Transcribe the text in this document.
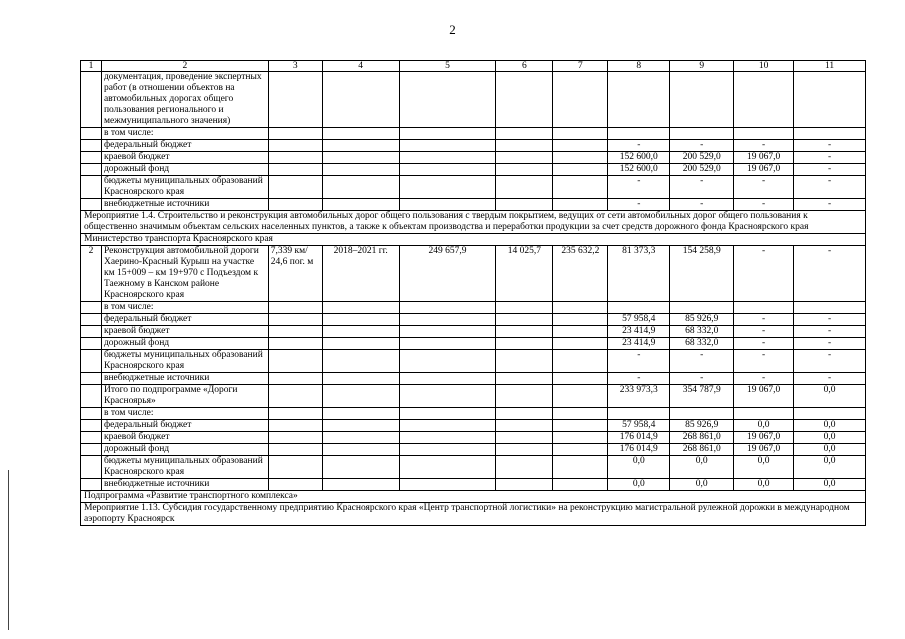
2
1	2	3	4	5	6	7	8	9	10	11
	документация, проведение экспертных работ (в отношении объектов на автомобильных дорогах общего пользования регионального и межмуниципального значения)									
	в том числе:									
	федеральный бюджет						-	-	-	-
	краевой бюджет						152 600,0	200 529,0	19 067,0	-
	дорожный фонд						152 600,0	200 529,0	19 067,0	-
	бюджеты муниципальных образований Красноярского края						-	-	-	-
	внебюджетные источники						-	-	-	-
Мероприятие 1.4. Строительство и реконструкция автомобильных дорог общего пользования с твердым покрытием, ведущих от сети автомобильных дорог общего пользования к общественно значимым объектам сельских населенных пунктов, а также к объектам производства и переработки продукции за счет средств дорожного фонда Красноярского края										
Министерство транспорта Красноярского края										
2	Реконструкция автомобильной дороги Хаерино-Красный Курыш на участке км 15+009 – км 19+970 с Подъездом к Таежному в Канском районе Красноярского края	7,339 км/ 24,6 пог. м	2018–2021 гг.	249 657,9	14 025,7	235 632,2	81 373,3	154 258,9	-	-
	в том числе:									
	федеральный бюджет						57 958,4	85 926,9	-	-
	краевой бюджет						23 414,9	68 332,0	-	-
	дорожный фонд						23 414,9	68 332,0	-	-
	бюджеты муниципальных образований Красноярского края						-	-	-	-
	внебюджетные источники						-	-	-	-
	Итого по подпрограмме «Дороги Красноярья»						233 973,3	354 787,9	19 067,0	0,0
	в том числе:									
	федеральный бюджет						57 958,4	85 926,9	0,0	0,0
	краевой бюджет						176 014,9	268 861,0	19 067,0	0,0
	дорожный фонд						176 014,9	268 861,0	19 067,0	0,0
	бюджеты муниципальных образований Красноярского края						0,0	0,0	0,0	0,0
	внебюджетные источники						0,0	0,0	0,0	0,0
Подпрограмма «Развитие транспортного комплекса»										
Мероприятие 1.13. Субсидия государственному предприятию Красноярского края «Центр транспортной логистики» на реконструкцию магистральной рулежной дорожки в международном аэропорту Красноярск										
